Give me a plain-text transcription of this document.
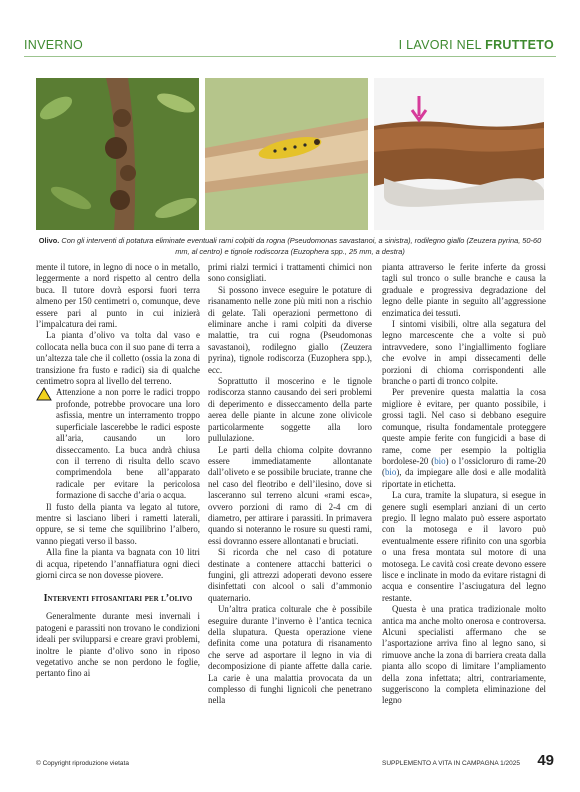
INVERNO	I LAVORI NEL FRUTTETO
Olivo. Con gli interventi di potatura eliminate eventuali rami colpiti da rogna (Pseudomonas savastanoi, a sinistra), rodilegno giallo (Zeuzera pyrina, 50-60 mm, al centro) e tignole rodiscorza (Euzophera spp., 25 mm, a destra)

mente il tutore, in legno di noce o in metallo, leggermente a nord rispetto al centro della buca. Il tutore dovrà esporsi fuori terra almeno per 150 centimetri o, comunque, deve essere pari al punto in cui inizierà l’impalcatura dei rami.

La pianta d’olivo va tolta dal vaso e collocata nella buca con il suo pane di terra a un’altezza tale che il colletto (ossia la zona di transizione fra fusto e radici) sia di qualche centimetro sopra al livello del terreno.

Attenzione a non porre le radici troppo profonde, potrebbe provocare una loro asfissia, mentre un interramento troppo superficiale lascerebbe le radici esposte all’aria, causando un loro disseccamento. La buca andrà chiusa con il terreno di risulta dello scavo comprimendola bene all’apparato radicale per evitare la pericolosa formazione di sacche d’aria o acqua.

Il fusto della pianta va legato al tutore, mentre si lasciano liberi i rametti laterali, oppure, se si teme che squilibrino l’albero, vanno piegati verso il basso.

Alla fine la pianta va bagnata con 10 litri di acqua, ripetendo l’annaffiatura ogni dieci giorni circa se non dovesse piovere.

Interventi fitosanitari per l’olivo

Generalmente durante mesi invernali i patogeni e parassiti non trovano le condizioni ideali per svilupparsi e creare gravi problemi, inoltre le piante d’olivo sono in riposo vegetativo anche se non perdono le foglie, pertanto fino ai

primi rialzi termici i trattamenti chimici non sono consigliati.

Si possono invece eseguire le potature di risanamento nelle zone più miti non a rischio di gelate. Tali operazioni permettono di eliminare anche i rami colpiti da diverse malattie, tra cui rogna (Pseudomonas savastanoi), rodilegno giallo (Zeuzera pyrina), tignole rodiscorza (Euzophera spp.), ecc.

Soprattutto il moscerino e le tignole rodiscorza stanno causando dei seri problemi di deperimento e disseccamento della parte aerea delle piante in alcune zone olivicole particolarmente soggette alla loro pullulazione.

Le parti della chioma colpite dovranno essere immediatamente allontanate dall’oliveto e se possibile bruciate, tranne che nel caso del fleotribo e dell’ilesino, dove si lasceranno sul terreno alcuni «rami esca», ovvero porzioni di ramo di 2-4 cm di diametro, per attirare i parassiti. In primavera quando si noteranno le rosure su questi rami, essi dovranno essere allontanati e bruciati.

Si ricorda che nel caso di potature destinate a contenere attacchi batterici o fungini, gli attrezzi adoperati devono essere disinfettati con alcool o sali d’ammonio quaternario.

Un’altra pratica colturale che è possibile eseguire durante l’inverno è l’antica tecnica della slupatura. Questa operazione viene definita come una potatura di risanamento che serve ad asportare il legno in via di decomposizione di piante affette dalla carie. La carie è una malattia provocata da un complesso di funghi lignicoli che penetrano nella

pianta attraverso le ferite inferte da grossi tagli sul tronco o sulle branche e causa la graduale e progressiva degradazione del legno delle piante in seguito all’aggressione enzimatica dei tessuti.

I sintomi visibili, oltre alla segatura del legno marcescente che a volte si può intravvedere, sono l’ingiallimento fogliare che evolve in ampi dissecamenti delle porzioni di chioma corrispondenti alle branche o parti di tronco colpite.

Per prevenire questa malattia la cosa migliore è evitare, per quanto possibile, i grossi tagli. Nel caso si debbano eseguire comunque, risulta fondamentale proteggere queste ampie ferite con fungicidi a base di rame, come per esempio la poltiglia bordolese-20 (bio) o l’ossicloruro di rame-20 (bio), da impiegare alle dosi e alle modalità riportate in etichetta.

La cura, tramite la slupatura, si esegue in genere sugli esemplari anziani di un certo pregio. Il legno malato può essere asportato con la motosega e il lavoro può eventualmente essere rifinito con una sgorbia o una fresa montata sul motore di una motosega. Le cavità così create devono essere lisce e inclinate in modo da evitare ristagni di acqua e consentire l’asciugatura del legno restante.

Questa è una pratica tradizionale molto antica ma anche molto onerosa e controversa. Alcuni specialisti affermano che se l’asportazione arriva fino al legno sano, si rimuove anche la zona di barriera creata dalla pianta allo scopo di limitare l’ampliamento della zona infettata; altri, contrariamente, suggeriscono la completa eliminazione del legno

© Copyright riproduzione vietata	SUPPLEMENTO A VITA IN CAMPAGNA 1/2025 49
